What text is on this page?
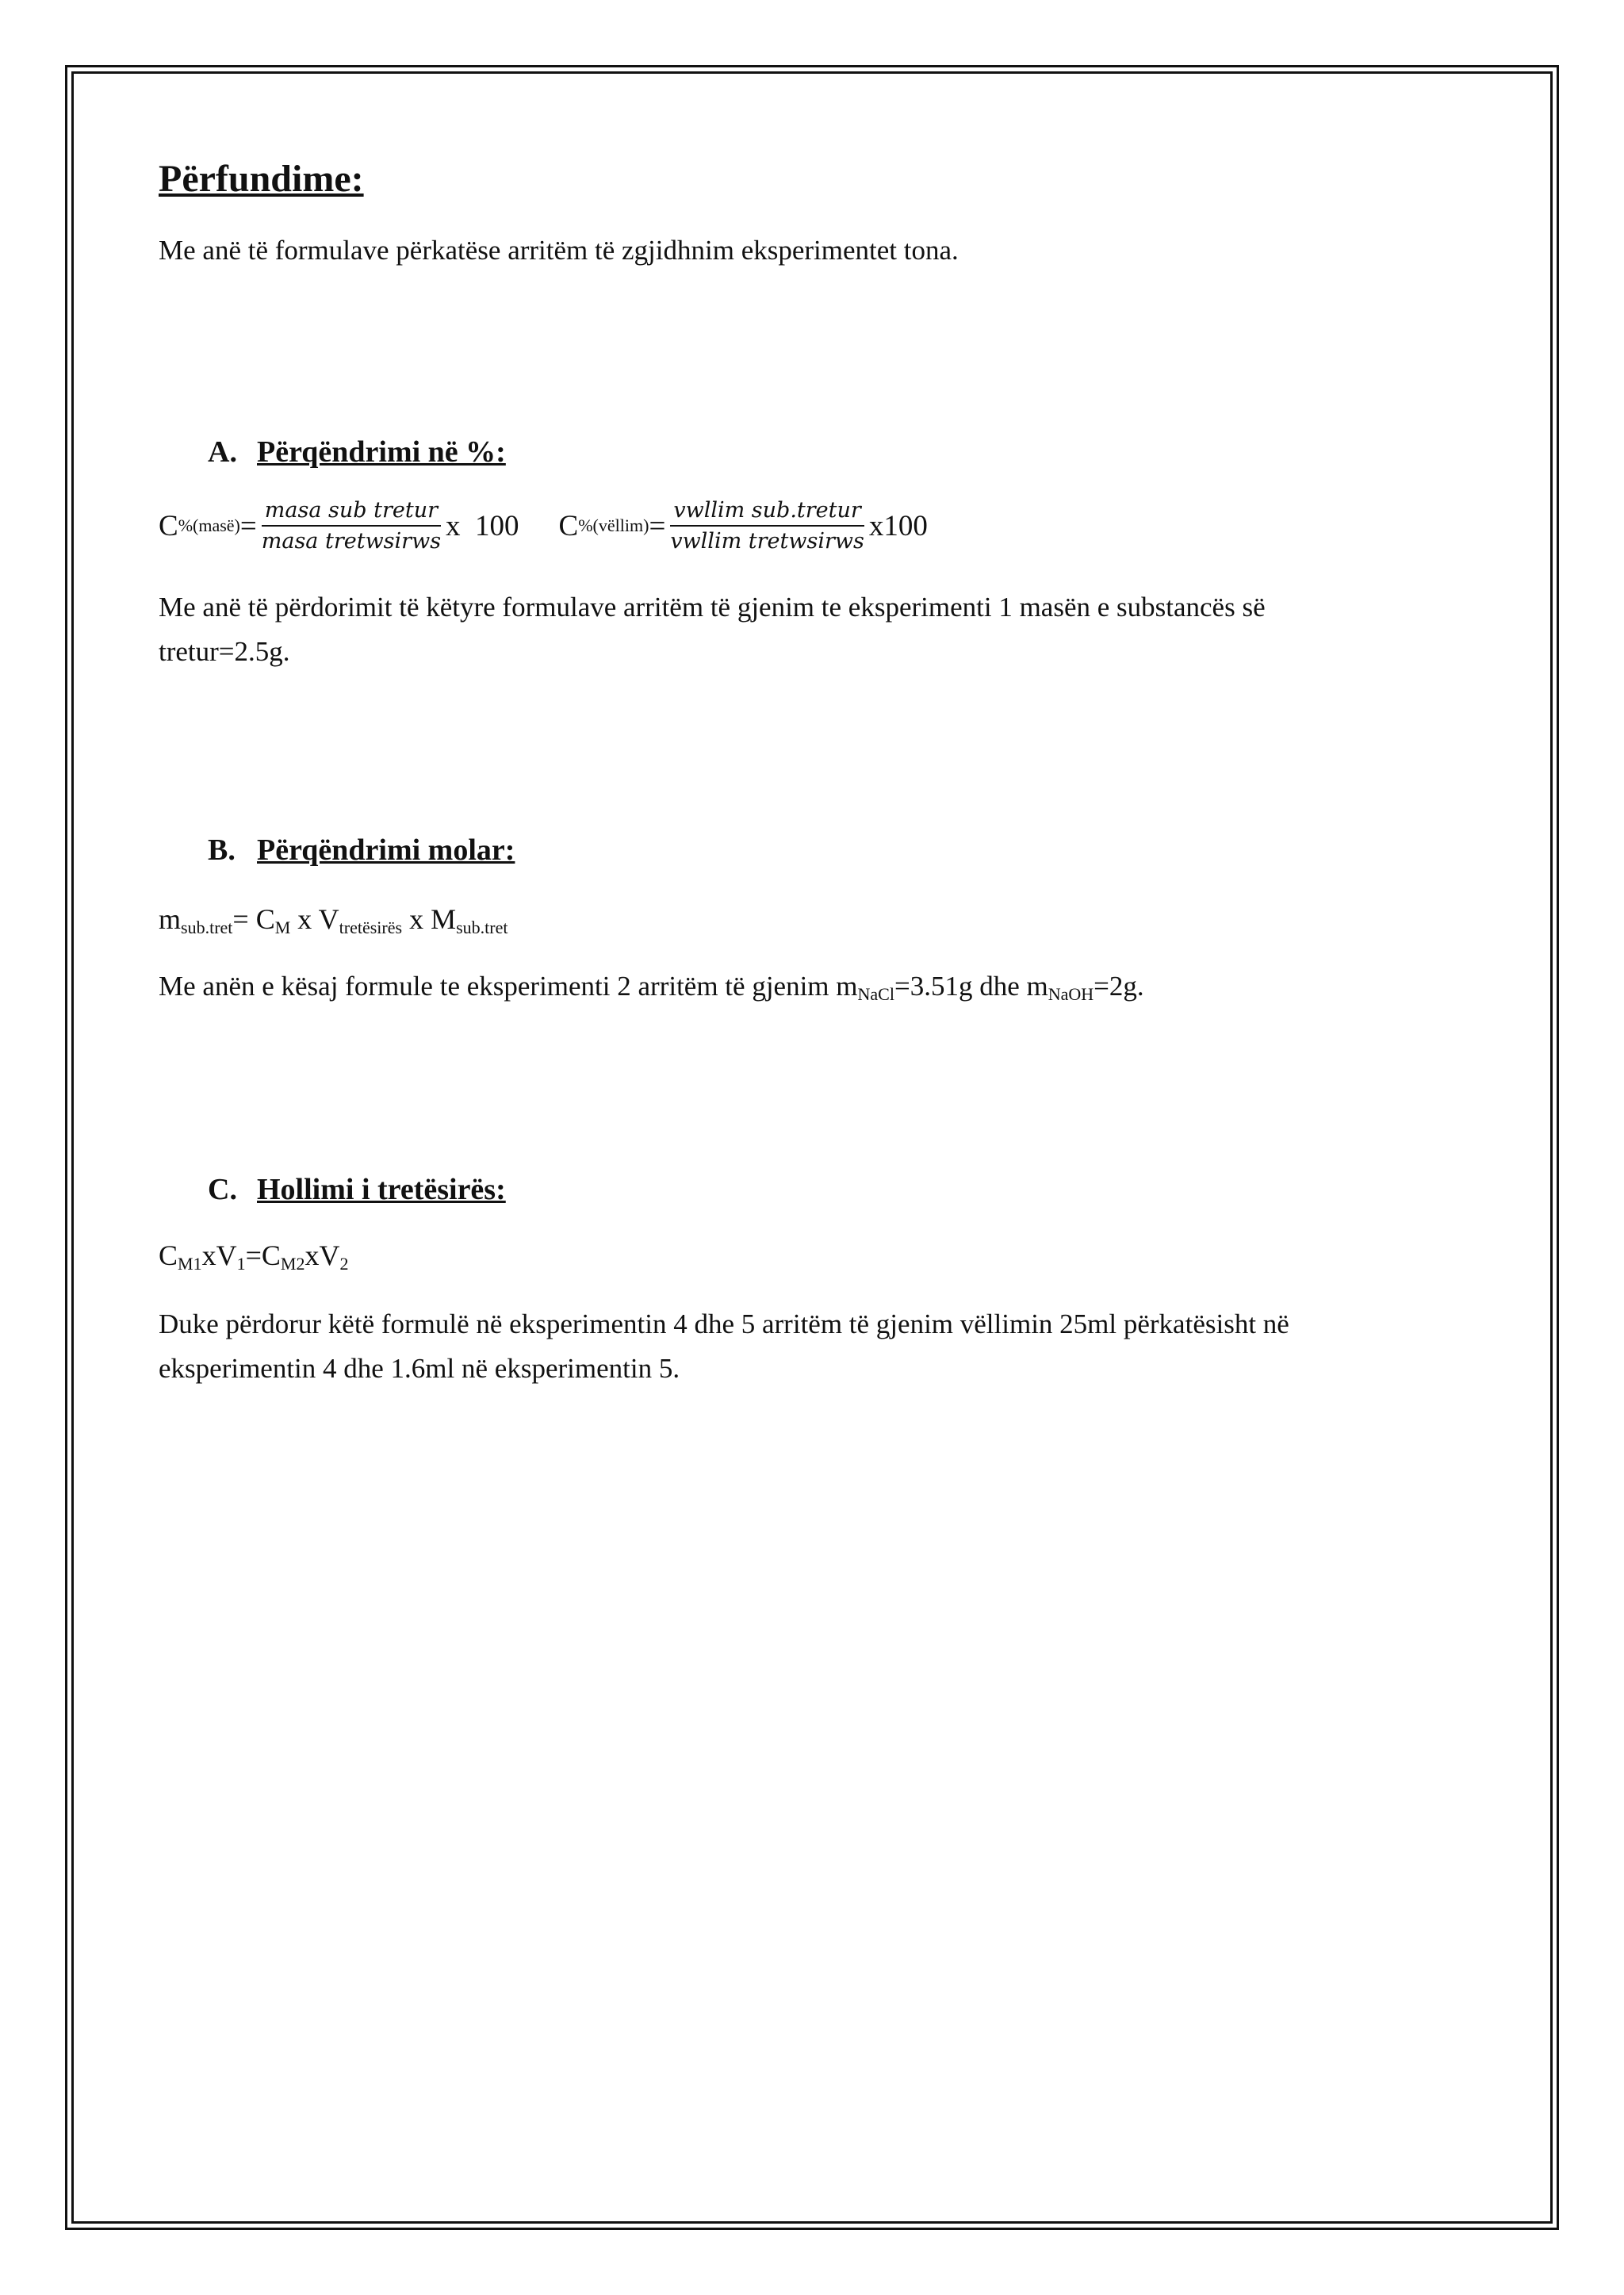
Përfundime:

Me anë të formulave përkatëse arritëm të zgjidhnim eksperimentet tona.

A. Përqëndrimi në %:
C %(masë) = $\frac{\text{masa sub tretur}}{\text{masa tretwsirws}}$ x  100 C %(vëllim) = $\frac{\text{vwllim sub.tretur}}{\text{vwllim tretwsirws}} x100$

Me anë të përdorimit të këtyre formulave arritëm të gjenim te eksperimenti 1 masën e substancës së tretur=2.5g.

B. Përqëndrimi molar:
$m_{sub.tret}= C_M$ x $V_{tretësirës}$ x $M_{sub.tret}$

Me anën e kësaj formule te eksperimenti 2 arritëm të gjenim $m_{NaCl}=3.51g$ dhe $m_{NaOH}=2g$.

C. Hollimi i tretësirës:
$C_{M1}xV_1=C_{M2}xV_2$

Duke përdorur këtë formulë në eksperimentin 4 dhe 5 arritëm të gjenim vëllimin 25ml përkatësisht në eksperimentin 4 dhe 1.6ml në eksperimentin 5.
